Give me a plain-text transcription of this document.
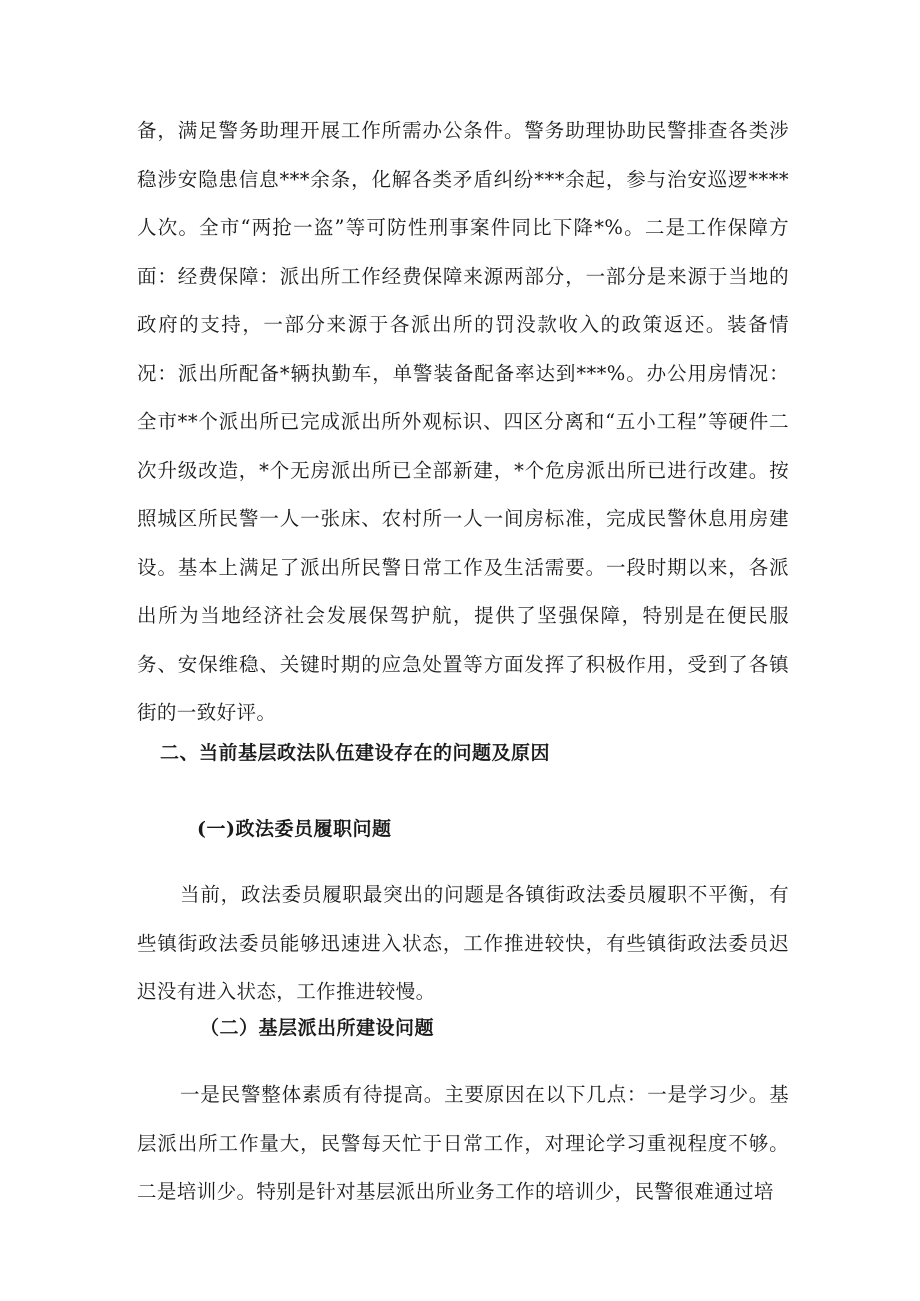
备，满足警务助理开展工作所需办公条件。警务助理协助民警排查各类涉稳涉安隐患信息***余条，化解各类矛盾纠纷***余起，参与治安巡逻****人次。全市“两抢一盗”等可防性刑事案件同比下降*%。二是工作保障方面：经费保障：派出所工作经费保障来源两部分，一部分是来源于当地的政府的支持，一部分来源于各派出所的罚没款收入的政策返还。装备情况：派出所配备*辆执勤车，单警装备配备率达到***%。办公用房情况：全市**个派出所已完成派出所外观标识、四区分离和“五小工程”等硬件二次升级改造，*个无房派出所已全部新建，*个危房派出所已进行改建。按照城区所民警一人一张床、农村所一人一间房标准，完成民警休息用房建设。基本上满足了派出所民警日常工作及生活需要。一段时期以来，各派出所为当地经济社会发展保驾护航，提供了坚强保障，特别是在便民服务、安保维稳、关键时期的应急处置等方面发挥了积极作用，受到了各镇街的一致好评。

二、当前基层政法队伍建设存在的问题及原因
(一)政法委员履职问题

当前，政法委员履职最突出的问题是各镇街政法委员履职不平衡，有些镇街政法委员能够迅速进入状态，工作推进较快，有些镇街政法委员迟迟没有进入状态，工作推进较慢。

（二）基层派出所建设问题

一是民警整体素质有待提高。主要原因在以下几点：一是学习少。基层派出所工作量大，民警每天忙于日常工作，对理论学习重视程度不够。二是培训少。特别是针对基层派出所业务工作的培训少，民警很难通过培
